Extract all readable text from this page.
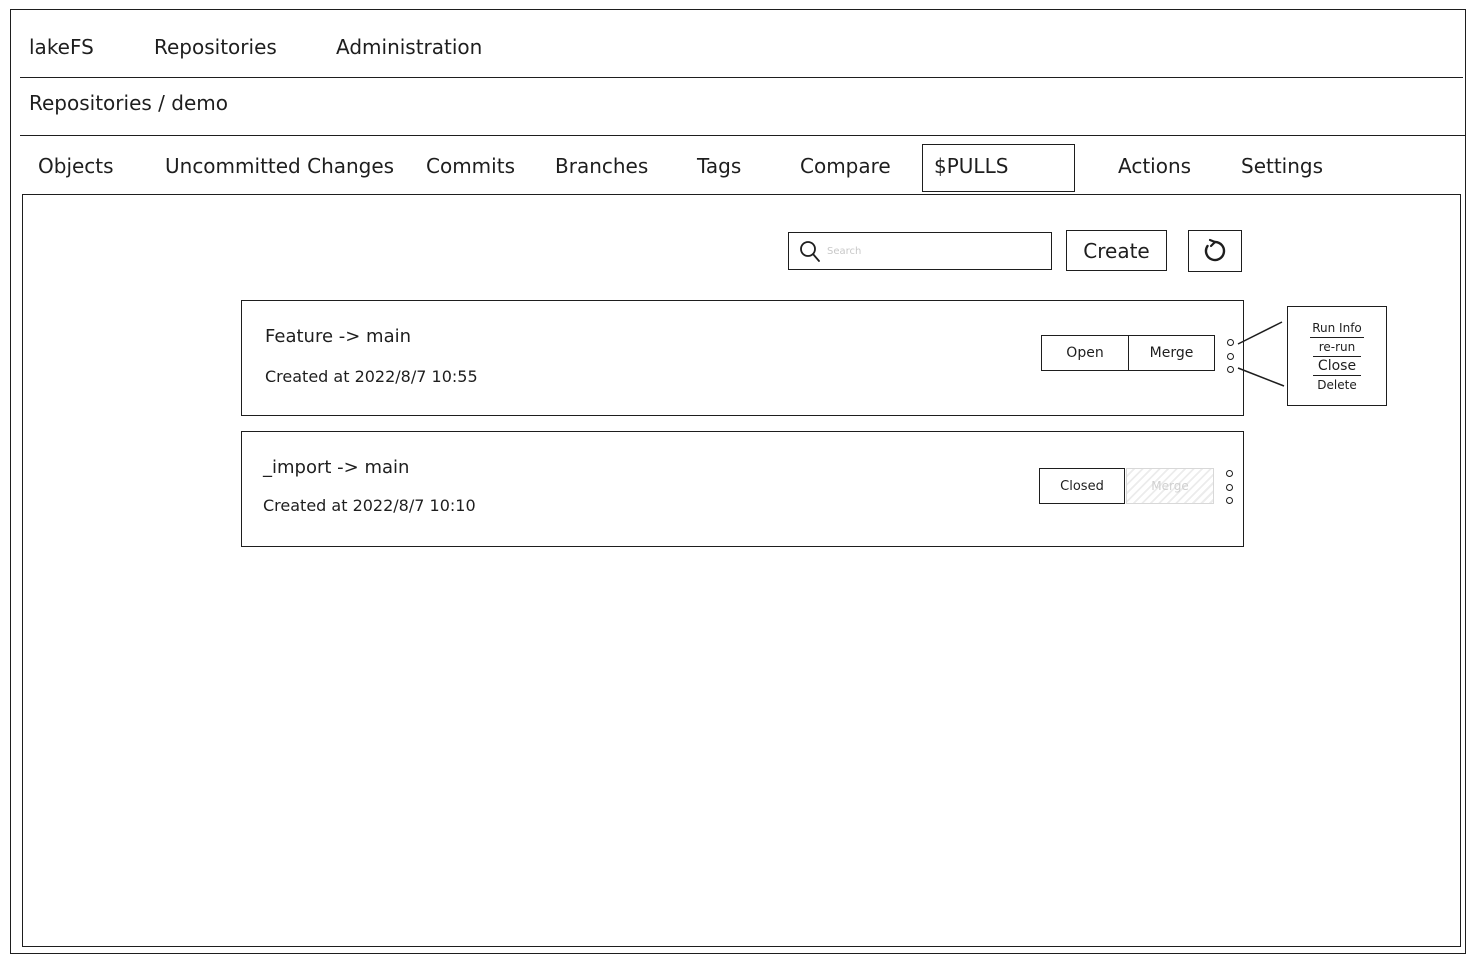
lakeFS	Repositories	Administration
Repositories / demo
Objects	Uncommitted Changes Commits Branches Tags	Compare $PULLS	Actions Settings
Search
Create
Feature -> main
Created at 2022/8/7 10:55
Open	Merge
Run Info
re-run
Close
Delete
_import -> main
Created at 2022/8/7 10:10
Closed	Merge
